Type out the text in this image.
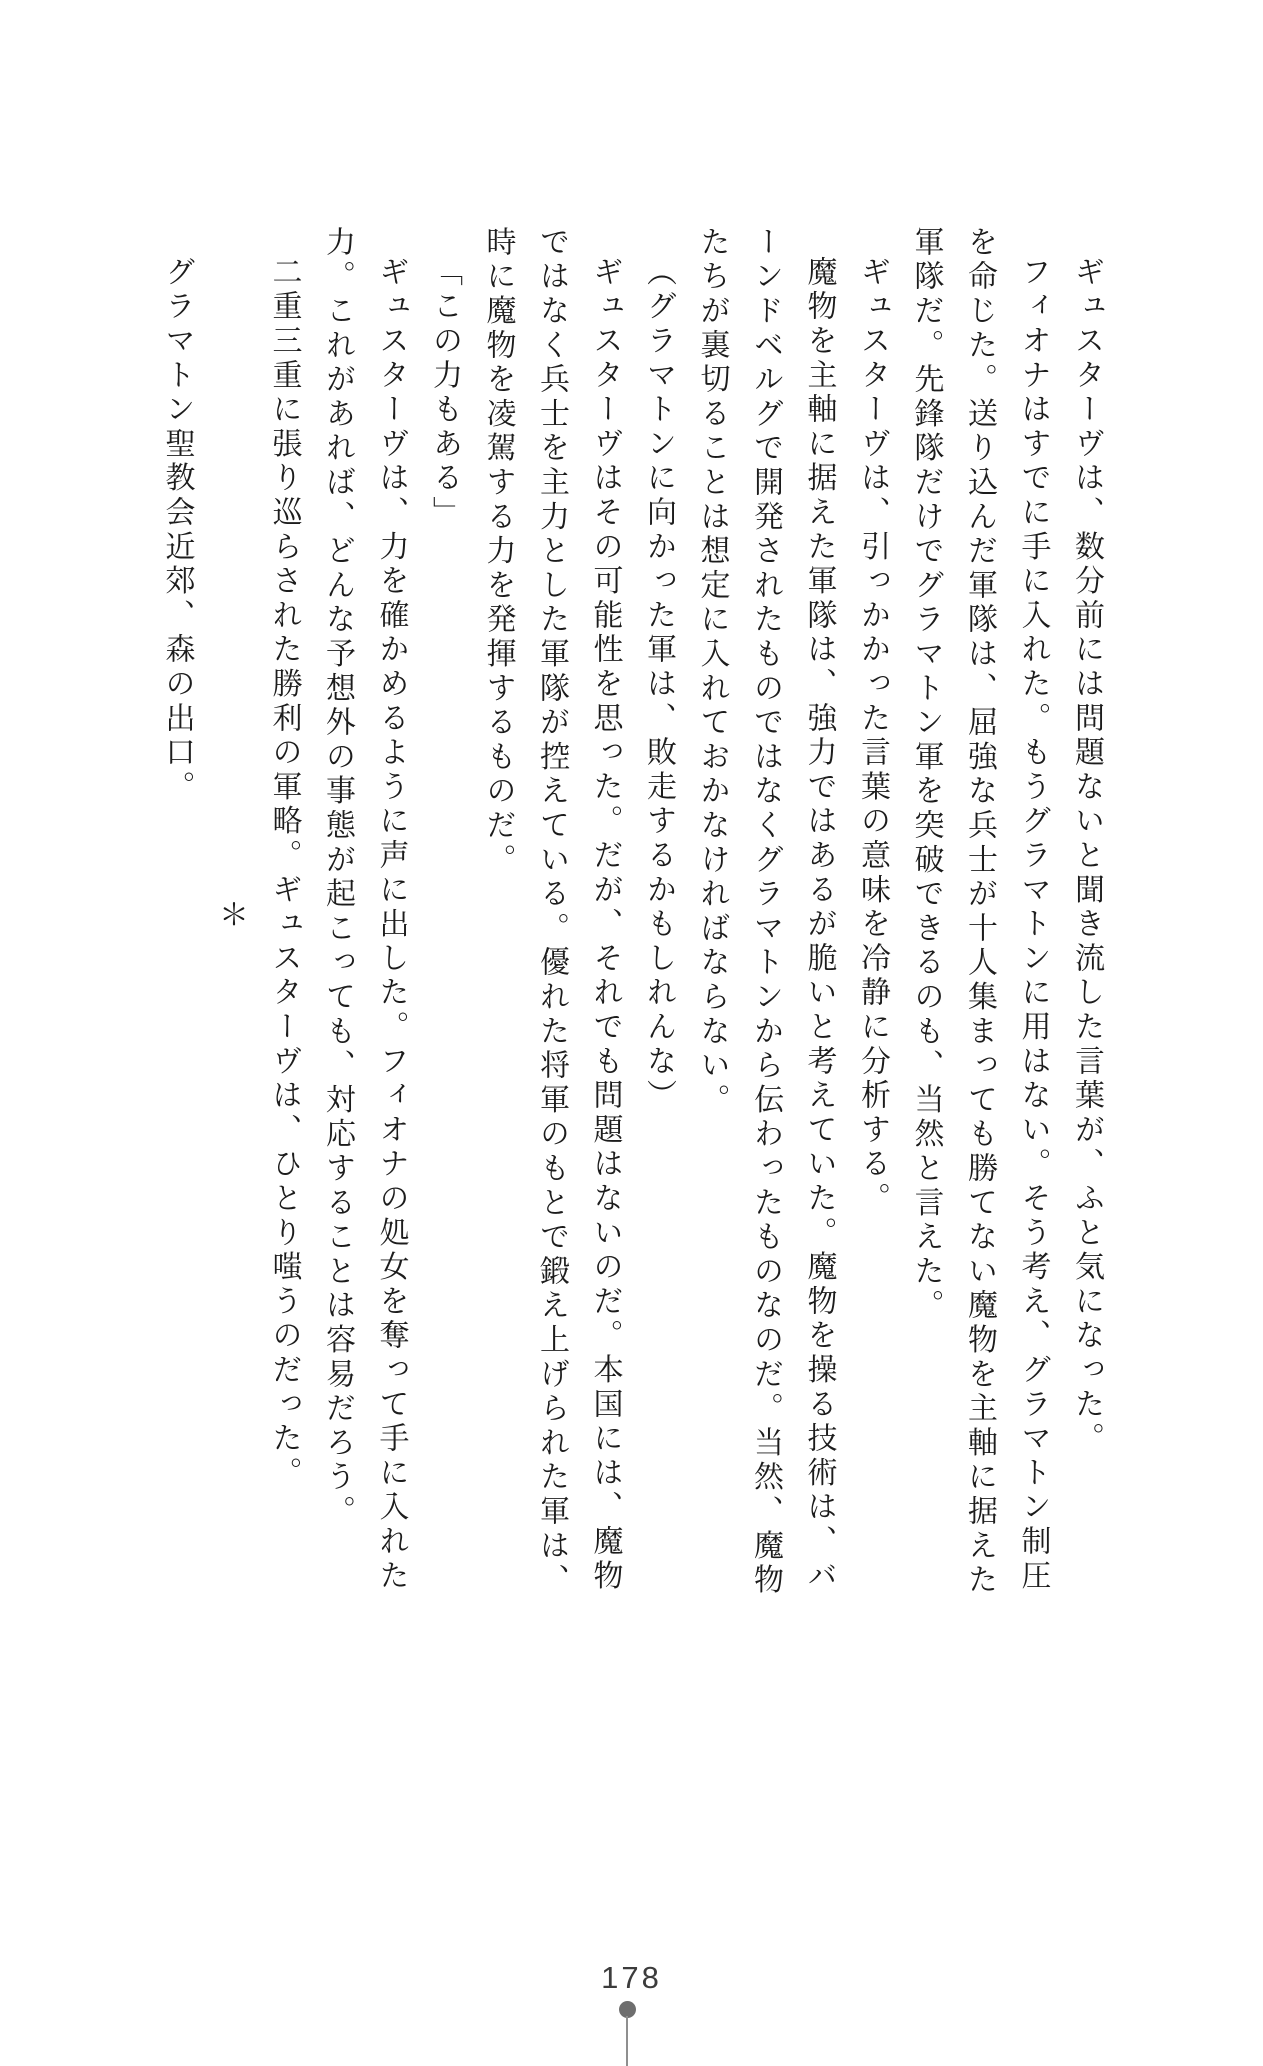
ギュスターヴは、数分前には問題ないと聞き流した言葉が、ふと気になった。

フィオナはすでに手に入れた。もうグラマトンに用はない。そう考え、グラマトン制圧を命じた。送り込んだ軍隊は、屈強な兵士が十人集まっても勝てない魔物を主軸に据えた軍隊だ。先鋒隊だけでグラマトン軍を突破できるのも、当然と言えた。

ギュスターヴは、引っかかった言葉の意味を冷静に分析する。

魔物を主軸に据えた軍隊は、強力ではあるが脆いと考えていた。魔物を操る技術は、バーンドベルグで開発されたものではなくグラマトンから伝わったものなのだ。当然、魔物たちが裏切ることは想定に入れておかなければならない。

（グラマトンに向かった軍は、敗走するかもしれんな）

ギュスターヴはその可能性を思った。だが、それでも問題はないのだ。本国には、魔物ではなく兵士を主力とした軍隊が控えている。優れた将軍のもとで鍛え上げられた軍は、時に魔物を凌駕する力を発揮するものだ。

「この力もある」

ギュスターヴは、力を確かめるように声に出した。フィオナの処女を奪って手に入れた力。これがあれば、どんな予想外の事態が起こっても、対応することは容易だろう。

二重三重に張り巡らされた勝利の軍略。ギュスターヴは、ひとり嗤うのだった。

＊

グラマトン聖教会近郊、森の出口。

178
